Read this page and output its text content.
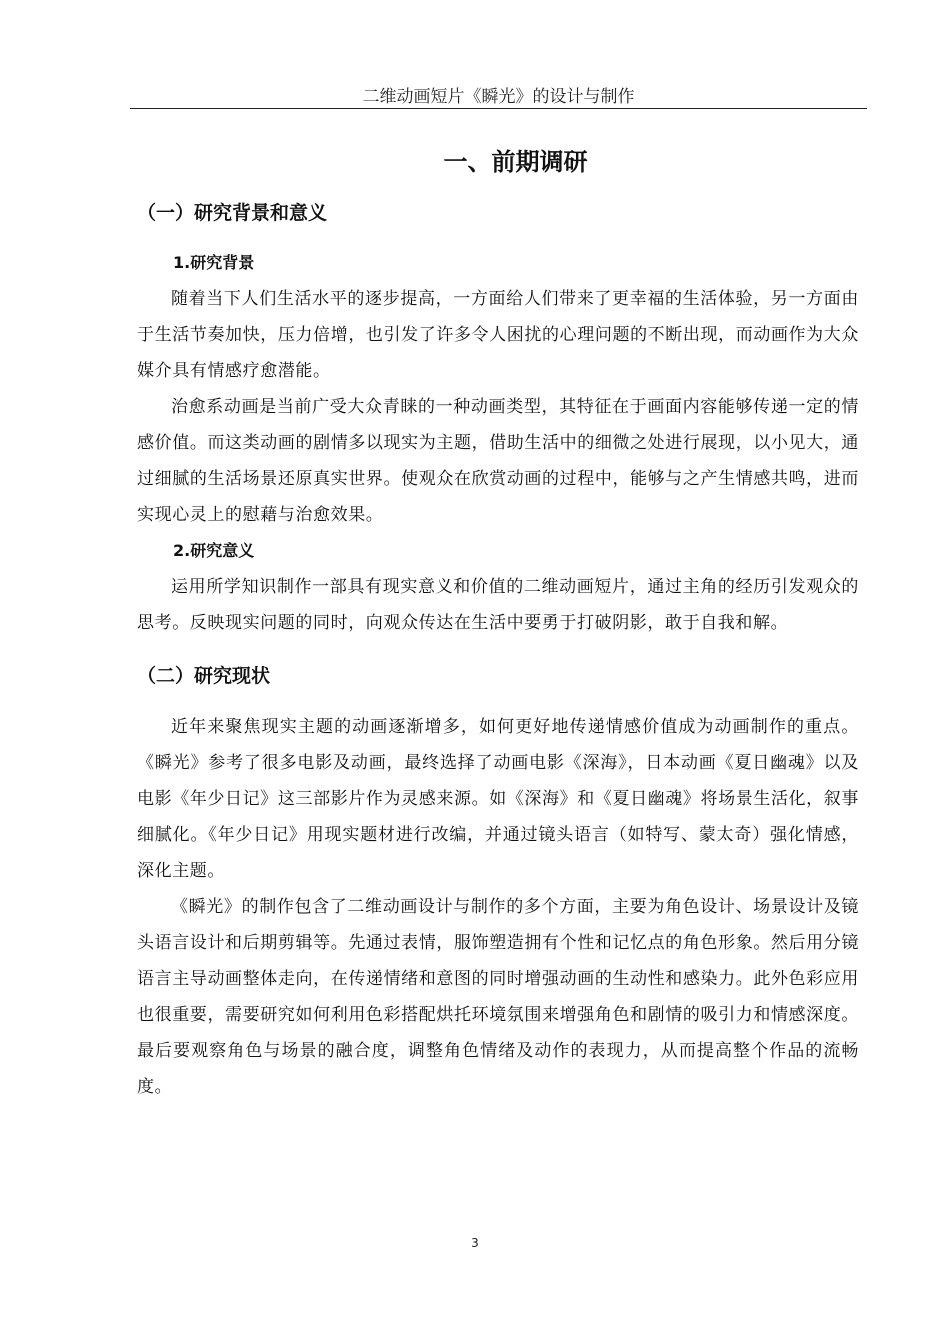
二维动画短片《瞬光》的设计与制作
一、前期调研
（一）研究背景和意义
1.研究背景

随着当下人们生活水平的逐步提高，一方面给人们带来了更幸福的生活体验，另一方面由于生活节奏加快，压力倍增，也引发了许多令人困扰的心理问题的不断出现，而动画作为大众媒介具有情感疗愈潜能。

治愈系动画是当前广受大众青睐的一种动画类型，其特征在于画面内容能够传递一定的情感价值。而这类动画的剧情多以现实为主题，借助生活中的细微之处进行展现，以小见大，通过细腻的生活场景还原真实世界。使观众在欣赏动画的过程中，能够与之产生情感共鸣，进而实现心灵上的慰藉与治愈效果。

2.研究意义

运用所学知识制作一部具有现实意义和价值的二维动画短片，通过主角的经历引发观众的思考。反映现实问题的同时，向观众传达在生活中要勇于打破阴影，敢于自我和解。

（二）研究现状

近年来聚焦现实主题的动画逐渐增多，如何更好地传递情感价值成为动画制作的重点。《瞬光》参考了很多电影及动画，最终选择了动画电影《深海》，日本动画《夏日幽魂》以及电影《年少日记》这三部影片作为灵感来源。如《深海》和《夏日幽魂》将场景生活化，叙事细腻化。《年少日记》用现实题材进行改编，并通过镜头语言（如特写、蒙太奇）强化情感，深化主题。

《瞬光》的制作包含了二维动画设计与制作的多个方面，主要为角色设计、场景设计及镜头语言设计和后期剪辑等。先通过表情，服饰塑造拥有个性和记忆点的角色形象。然后用分镜语言主导动画整体走向，在传递情绪和意图的同时增强动画的生动性和感染力。此外色彩应用也很重要，需要研究如何利用色彩搭配烘托环境氛围来增强角色和剧情的吸引力和情感深度。最后要观察角色与场景的融合度，调整角色情绪及动作的表现力，从而提高整个作品的流畅度。

3
